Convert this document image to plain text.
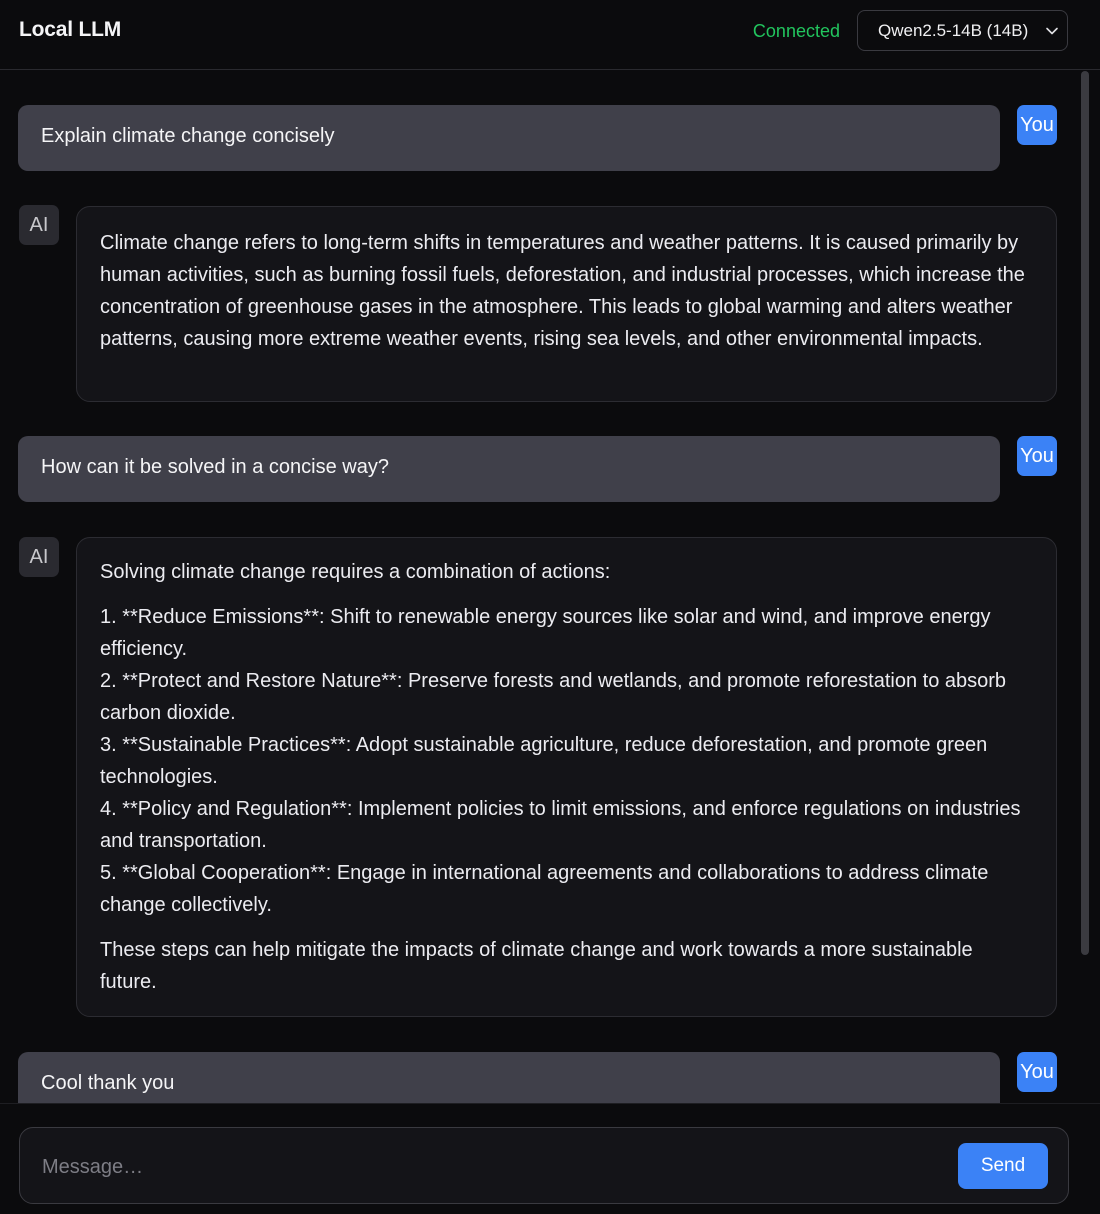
Local LLM	Connected Qwen2.5-14B (14B)
Explain climate change concisely	You
AI

Climate change refers to long-term shifts in temperatures and weather patterns. It is caused primarily by human activities, such as burning fossil fuels, deforestation, and industrial processes, which increase the concentration of greenhouse gases in the atmosphere. This leads to global warming and alters weather patterns, causing more extreme weather events, rising sea levels, and other environmental impacts.

How can it be solved in a concise way?	You
AI

Solving climate change requires a combination of actions:

1. **Reduce Emissions**: Shift to renewable energy sources like solar and wind, and improve energy efficiency.
2. **Protect and Restore Nature**: Preserve forests and wetlands, and promote reforestation to absorb carbon dioxide.
3. **Sustainable Practices**: Adopt sustainable agriculture, reduce deforestation, and promote green technologies.
4. **Policy and Regulation**: Implement policies to limit emissions, and enforce regulations on industries and transportation.
5. **Global Cooperation**: Engage in international agreements and collaborations to address climate change collectively.

These steps can help mitigate the impacts of climate change and work towards a more sustainable future.

Cool thank you	You
Message…
Send
